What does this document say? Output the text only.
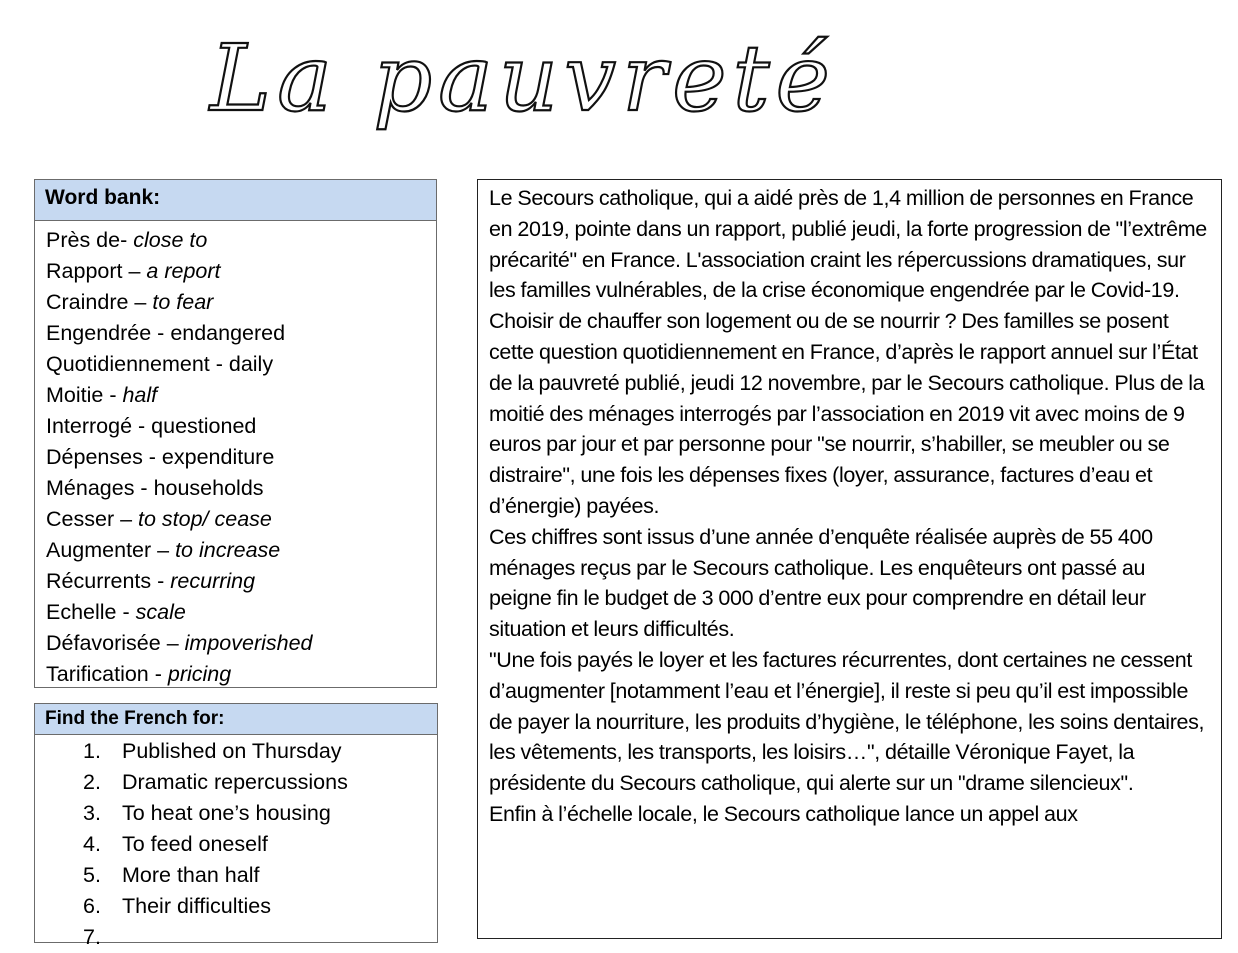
La pauvreté
Word bank:
Près de- close to
Rapport – a report
Craindre – to fear
Engendrée - endangered
Quotidiennement - daily
Moitie - half
Interrogé - questioned
Dépenses - expenditure
Ménages - households
Cesser – to stop/ cease
Augmenter – to increase
Récurrents - recurring
Echelle - scale
Défavorisée – impoverished
Tarification - pricing
Find the French for:
1. Published on Thursday
2. Dramatic repercussions
3. To heat one’s housing
4. To feed oneself
5. More than half
6. Their difficulties
7.

Le Secours catholique, qui a aidé près de 1,4 million de personnes en France en 2019, pointe dans un rapport, publié jeudi, la forte progression de "l’extrême précarité" en France. L'association craint les répercussions dramatiques, sur les familles vulnérables, de la crise économique engendrée par le Covid-19.

Choisir de chauffer son logement ou de se nourrir ? Des familles se posent cette question quotidiennement en France, d’après le rapport annuel sur l’État de la pauvreté publié, jeudi 12 novembre, par le Secours catholique. Plus de la moitié des ménages interrogés par l’association en 2019 vit avec moins de 9 euros par jour et par personne pour "se nourrir, s’habiller, se meubler ou se distraire", une fois les dépenses fixes (loyer, assurance, factures d’eau et d’énergie) payées.

Ces chiffres sont issus d’une année d’enquête réalisée auprès de 55 400 ménages reçus par le Secours catholique. Les enquêteurs ont passé au peigne fin le budget de 3 000 d’entre eux pour comprendre en détail leur situation et leurs difficultés.

"Une fois payés le loyer et les factures récurrentes, dont certaines ne cessent d’augmenter [notamment l’eau et l’énergie], il reste si peu qu’il est impossible de payer la nourriture, les produits d’hygiène, le téléphone, les soins dentaires, les vêtements, les transports, les loisirs…", détaille Véronique Fayet, la présidente du Secours catholique, qui alerte sur un "drame silencieux".

Enfin à l’échelle locale, le Secours catholique lance un appel aux
